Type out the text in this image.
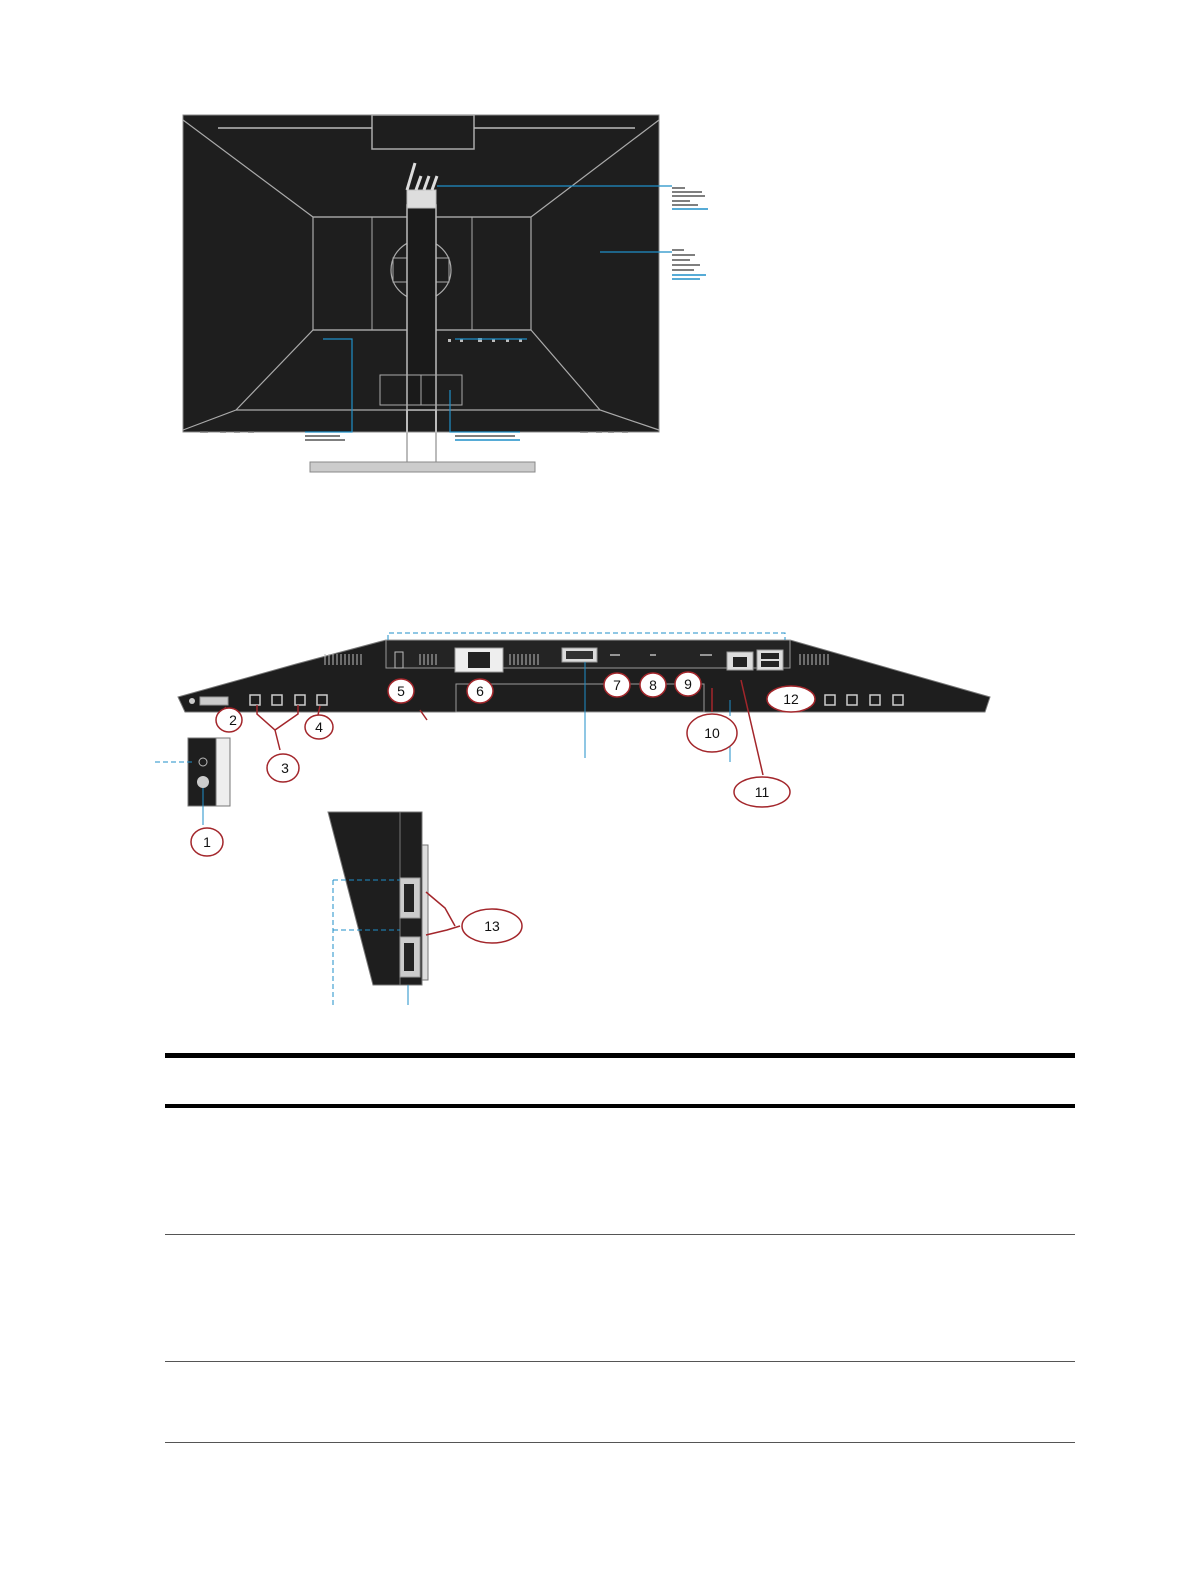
1
2
3
4
5	6	7 8 9
10
11
12
13
